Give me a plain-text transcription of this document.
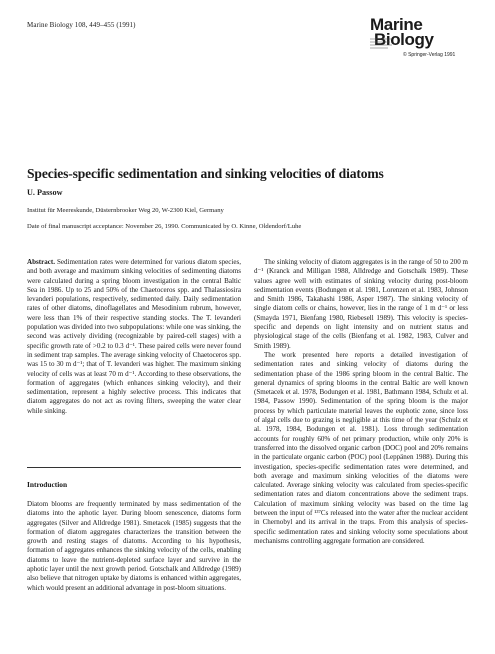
Marine Biology 108, 449–455 (1991)	Marine
Biology
© Springer-Verlag 1991
Species-specific sedimentation and sinking velocities of diatoms
U. Passow
Institut für Meereskunde, Düsternbrooker Weg 20, W-2300 Kiel, Germany
Date of final manuscript acceptance: November 26, 1990. Communicated by O. Kinne, Oldendorf/Luhe

Abstract. Sedimentation rates were determined for various diatom species, and both average and maximum sinking velocities of sedimenting diatoms were calculated during a spring bloom investigation in the central Baltic Sea in 1986. Up to 25 and 50% of the Chaetoceros spp. and Thalassiosira levanderi populations, respectively, sedimented daily. Daily sedimentation rates of other diatoms, dinoflagellates and Mesodinium rubrum, however, were less than 1% of their respective standing stocks. The T. levanderi population was divided into two subpopulations: while one was sinking, the second was actively dividing (recognizable by paired-cell stages) with a specific growth rate of >0.2 to 0.3 d⁻¹. These paired cells were never found in sediment trap samples. The average sinking velocity of Chaetoceros spp. was 15 to 30 m d⁻¹; that of T. levanderi was higher. The maximum sinking velocity of cells was at least 70 m d⁻¹. According to these observations, the formation of aggregates (which enhances sinking velocity), and their sedimentation, represent a highly selective process. This indicates that diatom aggregates do not act as roving filters, sweeping the water clear while sinking.

Introduction

Diatom blooms are frequently terminated by mass sedimentation of the diatoms into the aphotic layer. During bloom senescence, diatoms form aggregates (Silver and Alldredge 1981). Smetacek (1985) suggests that the formation of diatom aggregates characterizes the transition between the growth and resting stages of diatoms. According to his hypothesis, formation of aggregates enhances the sinking velocity of the cells, enabling diatoms to leave the nutrient-depleted surface layer and survive in the aphotic layer until the next growth period. Gotschalk and Alldredge (1989) also believe that nitrogen uptake by diatoms is enhanced within aggregates, which would present an additional advantage in post-bloom situations.

The sinking velocity of diatom aggregates is in the range of 50 to 200 m d⁻¹ (Kranck and Milligan 1988, Alldredge and Gotschalk 1989). These values agree well with estimates of sinking velocity during post-bloom sedimentation events (Bodungen et al. 1981, Lorenzen et al. 1983, Johnson and Smith 1986, Takahashi 1986, Asper 1987). The sinking velocity of single diatom cells or chains, however, lies in the range of 1 m d⁻¹ or less (Smayda 1971, Bienfang 1980, Riebesell 1989). This velocity is species-specific and depends on light intensity and on nutrient status and physiological stage of the cells (Bienfang et al. 1982, 1983, Culver and Smith 1989).

The work presented here reports a detailed investigation of sedimentation rates and sinking velocity of diatoms during the sedimentation phase of the 1986 spring bloom in the central Baltic. The general dynamics of spring blooms in the central Baltic are well known (Smetacek et al. 1978, Bodungen et al. 1981, Bathmann 1984, Schulz et al. 1984, Passow 1990). Sedimentation of the spring bloom is the major process by which particulate material leaves the euphotic zone, since loss of algal cells due to grazing is negligible at this time of the year (Schulz et al. 1978, 1984, Bodungen et al. 1981). Loss through sedimentation accounts for roughly 60% of net primary production, while only 20% is transferred into the dissolved organic carbon (DOC) pool and 20% remains in the particulate organic carbon (POC) pool (Leppänen 1988). During this investigation, species-specific sedimentation rates were determined, and both average and maximum sinking velocities of the diatoms were calculated. Average sinking velocity was calculated from species-specific sedimentation rates and diatom concentrations above the sediment traps. Calculation of maximum sinking velocity was based on the time lag between the input of ¹³⁷Cs released into the water after the nuclear accident in Chernobyl and its arrival in the traps. From this analysis of species-specific sedimentation rates and sinking velocity some speculations about mechanisms controlling aggregate formation are considered.
